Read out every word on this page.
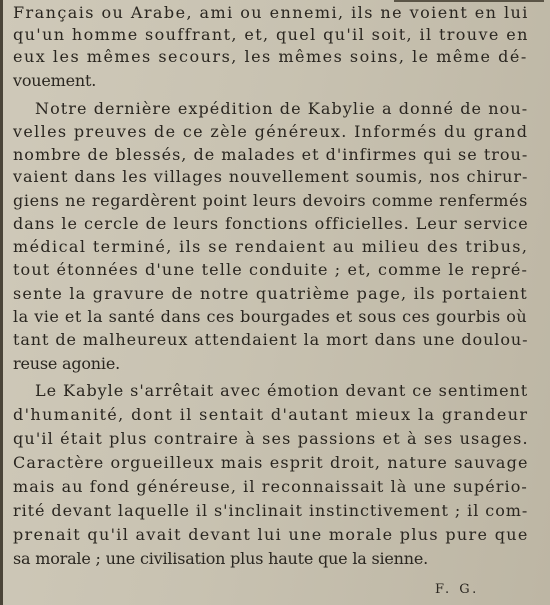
Français ou Arabe, ami ou ennemi, ils ne voient en lui
qu'un homme souffrant, et, quel qu'il soit, il trouve en
eux les mêmes secours, les mêmes soins, le même dé-
vouement.
Notre dernière expédition de Kabylie a donné de nou-
velles preuves de ce zèle généreux. Informés du grand
nombre de blessés, de malades et d'infirmes qui se trou-
vaient dans les villages nouvellement soumis, nos chirur-
giens ne regardèrent point leurs devoirs comme renfermés
dans le cercle de leurs fonctions officielles. Leur service
médical terminé, ils se rendaient au milieu des tribus,
tout étonnées d'une telle conduite ; et, comme le repré-
sente la gravure de notre quatrième page, ils portaient
la vie et la santé dans ces bourgades et sous ces gourbis où
tant de malheureux attendaient la mort dans une doulou-
reuse agonie.
Le Kabyle s'arrêtait avec émotion devant ce sentiment
d'humanité, dont il sentait d'autant mieux la grandeur
qu'il était plus contraire à ses passions et à ses usages.
Caractère orgueilleux mais esprit droit, nature sauvage
mais au fond généreuse, il reconnaissait là une supério-
rité devant laquelle il s'inclinait instinctivement ; il com-
prenait qu'il avait devant lui une morale plus pure que
sa morale ; une civilisation plus haute que la sienne.
F. G.
